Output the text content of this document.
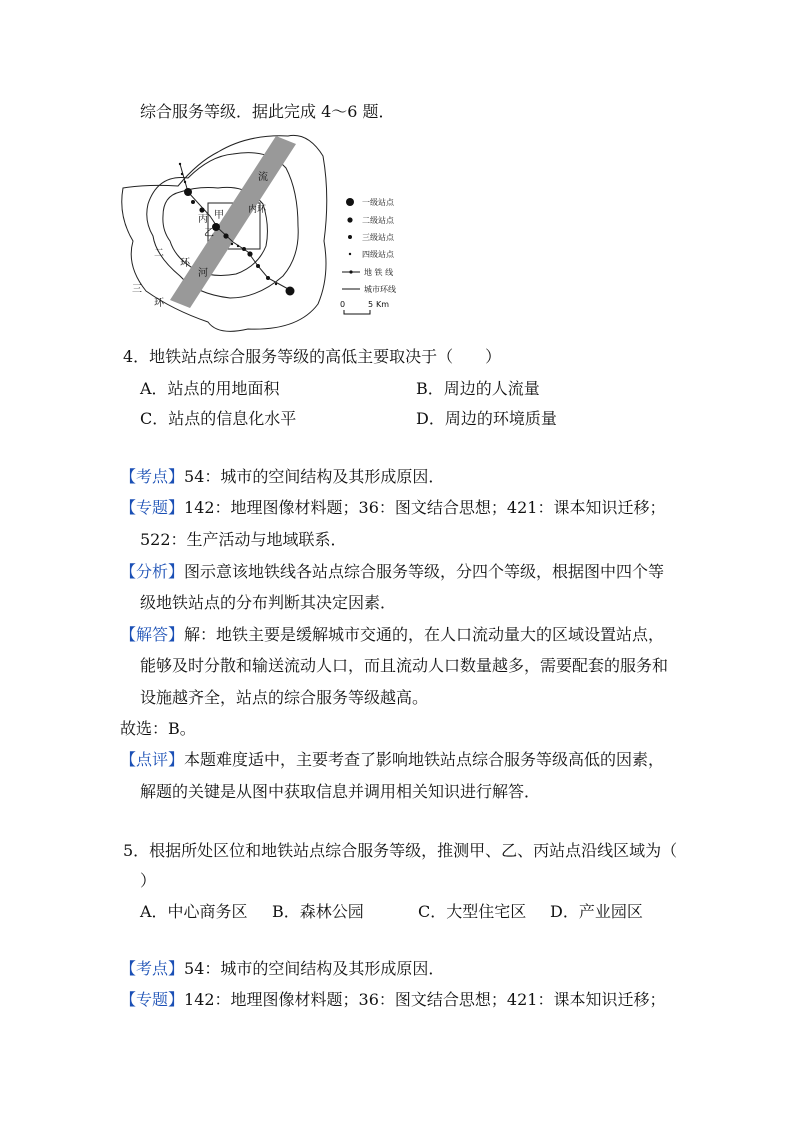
综合服务等级．据此完成 4～6 题．
流
丙 甲
乙
内环
二
环
河
三
环
一级站点
二级站点
三级站点
四级站点
地 铁 线
城市环线
0	5 Km
4．地铁站点综合服务等级的高低主要取决于（　　）
A．站点的用地面积	B．周边的人流量
C．站点的信息化水平	D．周边的环境质量
【考点】54：城市的空间结构及其形成原因．
【专题】142：地理图像材料题；36：图文结合思想；421：课本知识迁移；
522：生产活动与地域联系．
【分析】图示意该地铁线各站点综合服务等级，分四个等级，根据图中四个等
级地铁站点的分布判断其决定因素．
【解答】解：地铁主要是缓解城市交通的，在人口流动量大的区域设置站点，
能够及时分散和输送流动人口，而且流动人口数量越多，需要配套的服务和
设施越齐全，站点的综合服务等级越高。
故选：B。
【点评】本题难度适中，主要考查了影响地铁站点综合服务等级高低的因素，
解题的关键是从图中获取信息并调用相关知识进行解答．
5．根据所处区位和地铁站点综合服务等级，推测甲、乙、丙站点沿线区域为（
）
A．中心商务区 B．森林公园	C．大型住宅区 D．产业园区
【考点】54：城市的空间结构及其形成原因．
【专题】142：地理图像材料题；36：图文结合思想；421：课本知识迁移；
